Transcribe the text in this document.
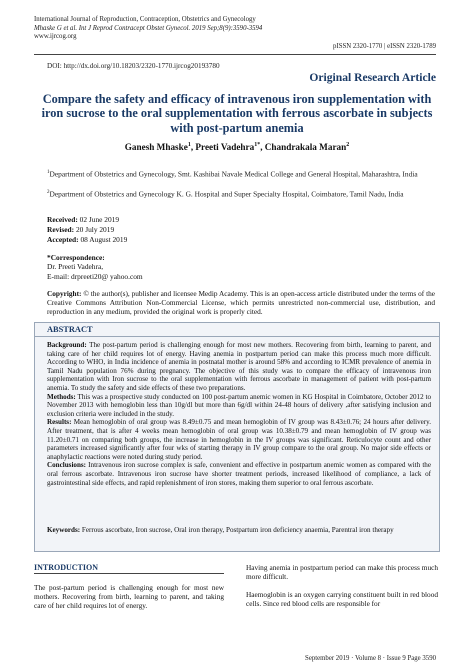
International Journal of Reproduction, Contraception, Obstetrics and Gynecology
Mhaske G et al. Int J Reprod Contracept Obstet Gynecol. 2019 Sep;8(9):3590-3594
www.ijrcog.org
pISSN 2320-1770 | eISSN 2320-1789
DOI: http://dx.doi.org/10.18203/2320-1770.ijrcog20193780
Original Research Article
Compare the safety and efficacy of intravenous iron supplementation with iron sucrose to the oral supplementation with ferrous ascorbate in subjects with post-partum anemia
Ganesh Mhaske$^1$, Preeti Vadehra$^{1*}$, Chandrakala Maran$^2$
$^1$Department of Obstetrics and Gynecology, Smt. Kashibai Navale Medical College and General Hospital, Maharashtra, India
$^2$Department of Obstetrics and Gynecology K. G. Hospital and Super Specialty Hospital, Coimbatore, Tamil Nadu, India
Received: 02 June 2019
Revised: 20 July 2019
Accepted: 08 August 2019
*Correspondence:
Dr. Preeti Vadehra,
E-mail: drpreeti20@ yahoo.com
Copyright: © the author(s), publisher and licensee Medip Academy. This is an open-access article distributed under the terms of the Creative Commons Attribution Non-Commercial License, which permits unrestricted non-commercial use, distribution, and reproduction in any medium, provided the original work is properly cited.
ABSTRACT

Background: The post-partum period is challenging enough for most new mothers. Recovering from birth, learning to parent, and taking care of her child requires lot of energy. Having anemia in postpartum period can make this process much more difficult. According to WHO, in India incidence of anemia in postnatal mother is around 58% and according to ICMR prevalence of anemia in Tamil Nadu population 76% during pregnancy. The objective of this study was to compare the efficacy of intravenous iron supplementation with Iron sucrose to the oral supplementation with ferrous ascorbate in management of patient with post-partum anemia. To study the safety and side effects of these two preparations.

Methods: This was a prospective study conducted on 100 post-partum anemic women in KG Hospital in Coimbatore, October 2012 to November 2013 with hemoglobin less than 10g/dl but more than 6g/dl within 24-48 hours of delivery ,after satisfying inclusion and exclusion criteria were included in the study.

Results: Mean hemoglobin of oral group was 8.49±0.75 and mean hemoglobin of IV group was 8.43±0.76; 24 hours after delivery. After treatment, that is after 4 weeks mean hemoglobin of oral group was 10.38±0.79 and mean hemoglobin of IV group was 11.20±0.71 on comparing both groups, the increase in hemoglobin in the IV groups was significant. Reticulocyte count and other parameters increased significantly after four wks of starting therapy in IV group compare to the oral group. No major side effects or anaphylactic reactions were noted during study period.

Conclusions: Intravenous iron sucrose complex is safe, convenient and effective in postpartum anemic women as compared with the oral ferrous ascorbate. Intravenous iron sucrose have shorter treatment periods, increased likelihood of compliance, a lack of gastrointestinal side effects, and rapid replenishment of iron stores, making them superior to oral ferrous ascorbate.

Keywords: Ferrous ascorbate, Iron sucrose, Oral iron therapy, Postpartum iron deficiency anaemia, Parentral iron therapy
INTRODUCTION

The post-partum period is challenging enough for most new mothers. Recovering from birth, learning to parent, and taking care of her child requires lot of energy.

Having anemia in postpartum period can make this process much more difficult.

Haemoglobin is an oxygen carrying constituent built in red blood cells. Since red blood cells are responsible for

September 2019 · Volume 8 · Issue 9 Page 3590
